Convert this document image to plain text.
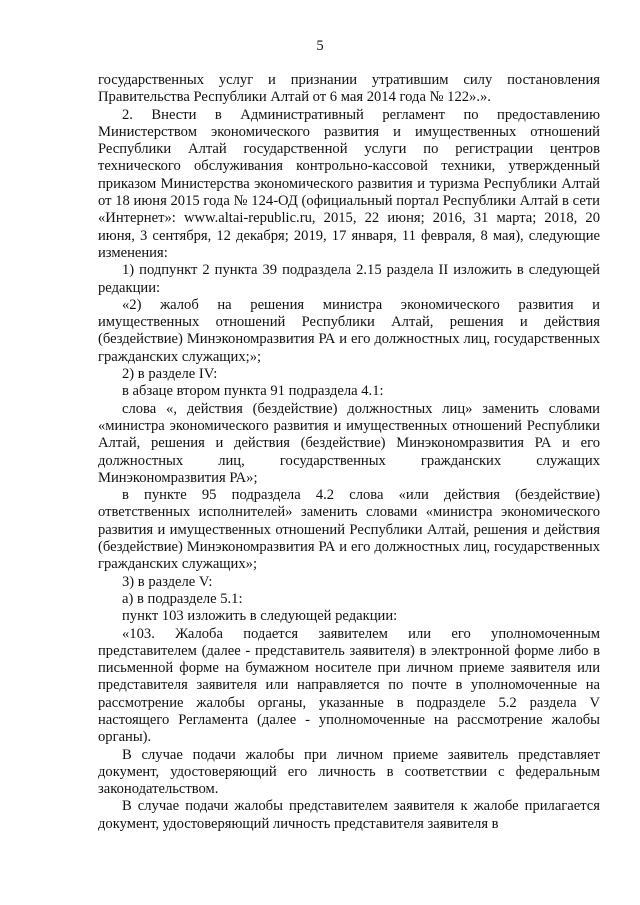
5

государственных услуг и признании утратившим силу постановления Правительства Республики Алтай от 6 мая 2014 года № 122».».

2. Внести в Административный регламент по предоставлению Министерством экономического развития и имущественных отношений Республики Алтай государственной услуги по регистрации центров технического обслуживания контрольно-кассовой техники, утвержденный приказом Министерства экономического развития и туризма Республики Алтай от 18 июня 2015 года № 124-ОД (официальный портал Республики Алтай в сети «Интернет»: www.altai-republic.ru, 2015, 22 июня; 2016, 31 марта; 2018, 20 июня, 3 сентября, 12 декабря; 2019, 17 января, 11 февраля, 8 мая), следующие изменения:

1) подпункт 2 пункта 39 подраздела 2.15 раздела II изложить в следующей редакции:

«2) жалоб на решения министра экономического развития и имущественных отношений Республики Алтай, решения и действия (бездействие) Минэкономразвития РА и его должностных лиц, государственных гражданских служащих;»;

2) в разделе IV:

в абзаце втором пункта 91 подраздела 4.1:

слова «, действия (бездействие) должностных лиц» заменить словами «министра экономического развития и имущественных отношений Республики Алтай, решения и действия (бездействие) Минэкономразвития РА и его должностных лиц, государственных гражданских служащих Минэкономразвития РА»;

в пункте 95 подраздела 4.2 слова «или действия (бездействие) ответственных исполнителей» заменить словами «министра экономического развития и имущественных отношений Республики Алтай, решения и действия (бездействие) Минэкономразвития РА и его должностных лиц, государственных гражданских служащих»;

3) в разделе V:

а) в подразделе 5.1:

пункт 103 изложить в следующей редакции:

«103. Жалоба подается заявителем или его уполномоченным представителем (далее - представитель заявителя) в электронной форме либо в письменной форме на бумажном носителе при личном приеме заявителя или представителя заявителя или направляется по почте в уполномоченные на рассмотрение жалобы органы, указанные в подразделе 5.2 раздела V настоящего Регламента (далее - уполномоченные на рассмотрение жалобы органы).

В случае подачи жалобы при личном приеме заявитель представляет документ, удостоверяющий его личность в соответствии с федеральным законодательством.

В случае подачи жалобы представителем заявителя к жалобе прилагается документ, удостоверяющий личность представителя заявителя в
